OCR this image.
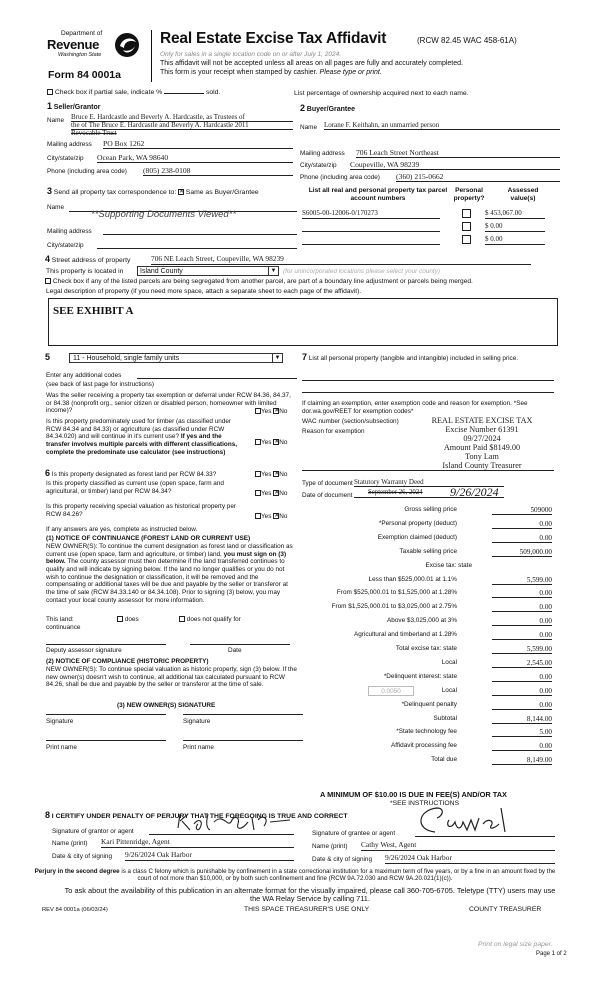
Department of
Revenue
Washington State
Form 84 0001a
Real Estate Excise Tax Affidavit	(RCW 82.45 WAC 458-61A)
Only for sales in a single location code on or after July 1, 2024.
This affidavit will not be accepted unless all areas on all pages are fully and accurately completed.
This form is your receipt when stamped by cashier. Please type or print.
Check box if partial sale, indicate %	sold.	List percentage of ownership acquired next to each name.
1 Seller/Grantor
Name Bruce E. Hardcastle and Beverly A. Hardcastle, as Trustees of
the of The Bruce E. Hardcastle and Beverly A. Hardcastle 2011
Revocable Trust
Mailing address PO Box 1262
City/state/zip Ocean Park, WA 98640
Phone (including area code) (805) 238-0108
2 Buyer/Grantee
Name Lorane F. Keithahn, an unmarried person
Mailing address 706 Leach Street Northeast
City/state/zip Coupeville, WA 98239
Phone (including area code) (360) 215-0662
3 Send all property tax correspondence to: ✕ Same as Buyer/Grantee
Name
**Supporting Documents Viewed**
Mailing address
City/state/zip
List all real and personal property tax parcel account numbers
Personal property?
Assessed value(s)
S6005-00-12006-0/170273	$ 453,067.00
$ 0.00
$ 0.00
4 Street address of property	706 NE Leach Street, Coupeville, WA 98239
This property is located in Island County	▼ (for unincorporated locations please select your county)
Check box if any of the listed parcels are being segregated from another parcel, are part of a boundary line adjustment or parcels being merged.
Legal description of property (if you need more space, attach a separate sheet to each page of the affidavit).
SEE EXHIBIT A
5	11 - Household, single family units	▼
Enter any additional codes
(see back of last page for instructions)
Was the seller receiving a property tax exemption or deferral under RCW 84.36, 84.37, or 84.38 (nonprofit org., senior citizen or disabled person, homeowner with limited income)?	Yes ✕ No
Is this property predominately used for timber (as classified under RCW 84.34 and 84.33) or agriculture (as classified under RCW 84.34.020) and will continue in it's current use? If yes and the transfer involves multiple parcels with different classifications, complete the predominate use calculator (see instructions)
Yes ✕ No
6 Is this property designated as forest land per RCW 84.33?	Yes ✕ No
Is this property classified as current use (open space, farm and agricultural, or timber) land per RCW 84.34?	Yes ✕ No
Is this property receiving special valuation as historical property per RCW 84.26?	Yes ✕ No
If any answers are yes, complete as instructed below.
(1) NOTICE OF CONTINUANCE (FOREST LAND OR CURRENT USE)
NEW OWNER(S): To continue the current designation as forest land or classification as current use (open space, farm and agriculture, or timber) land, you must sign on (3) below. The county assessor must then determine if the land transferred continues to qualify and will indicate by signing below. If the land no longer qualifies or you do not wish to continue the designation or classification, it will be removed and the compensating or additional taxes will be due and payable by the seller or transferor at the time of sale (RCW 84.33.140 or 84.34.108). Prior to signing (3) below, you may contact your local county assessor for more information.
This land:	does	does not qualify for
continuance
Deputy assessor signature	Date
(2) NOTICE OF COMPLIANCE (HISTORIC PROPERTY)
NEW OWNER(S): To continue special valuation as historic property, sign (3) below. If the new owner(s) doesn't wish to continue, all additional tax calculated pursuant to RCW 84.26, shall be due and payable by the seller or transferor at the time of sale.
(3) NEW OWNER(S) SIGNATURE
Signature	Signature
Print name	Print name
7 List all personal property (tangible and intangible) included in selling price.
If claiming an exemption, enter exemption code and reason for exemption. *See dor.wa.gov/REET for exemption codes*
WAC number (section/subsection)
Reason for exemption
REAL ESTATE EXCISE TAX
Excise Number 61391
09/27/2024
Amount Paid $8149.00
Tony Lam
Island County Treasurer
Type of document Statutory Warranty Deed
Date of document September 26, 2024 9/26/2024
Gross selling price	509000
*Personal property (deduct)	0.00
Exemption claimed (deduct)	0.00
Taxable selling price	509,000.00
Excise tax: state
Less than $525,000.01 at 1.1%	5,599.00
From $525,000.01 to $1,525,000 at 1.28%	0.00
From $1,525,000.01 to $3,025,000 at 2.75%	0.00
Above $3,025,000 at 3%	0.00
Agricultural and timberland at 1.28%	0.00
Total excise tax: state	5,599.00
Local	2,545.00
*Delinquent interest: state	0.00
Local	0.00
*Delinquent penalty	0.00
Subtotal	8,144.00
*State technology fee	5.00
Affidavit processing fee	0.00
Total due	8,149.00
0.0050
A MINIMUM OF $10.00 IS DUE IN FEE(S) AND/OR TAX
*SEE INSTRUCTIONS
8 I CERTIFY UNDER PENALTY OF PERJURY THAT THE FOREGOING IS TRUE AND CORRECT
Signature of grantor or agent
Name (print) Kari Pittenridge, Agent
Date & city of signing 9/26/2024 Oak Harbor
Signature of grantee or agent
Name (print) Cathy West, Agent
Date & city of signing 9/26/2024 Oak Harbor
Perjury in the second degree is a class C felony which is punishable by confinement in a state correctional institution for a maximum term of five years, or by a fine in an amount fixed by the court of not more than $10,000, or by both such confinement and fine (RCW 9A.72.030 and RCW 9A.20.021(1)(c)).
To ask about the availability of this publication in an alternate format for the visually impaired, please call 360-705-6705. Teletype (TTY) users may use the WA Relay Service by calling 711.
REV 84 0001a (06/03/24)	THIS SPACE TREASURER'S USE ONLY	COUNTY TREASURER
Print on legal size paper.
Page 1 of 2
